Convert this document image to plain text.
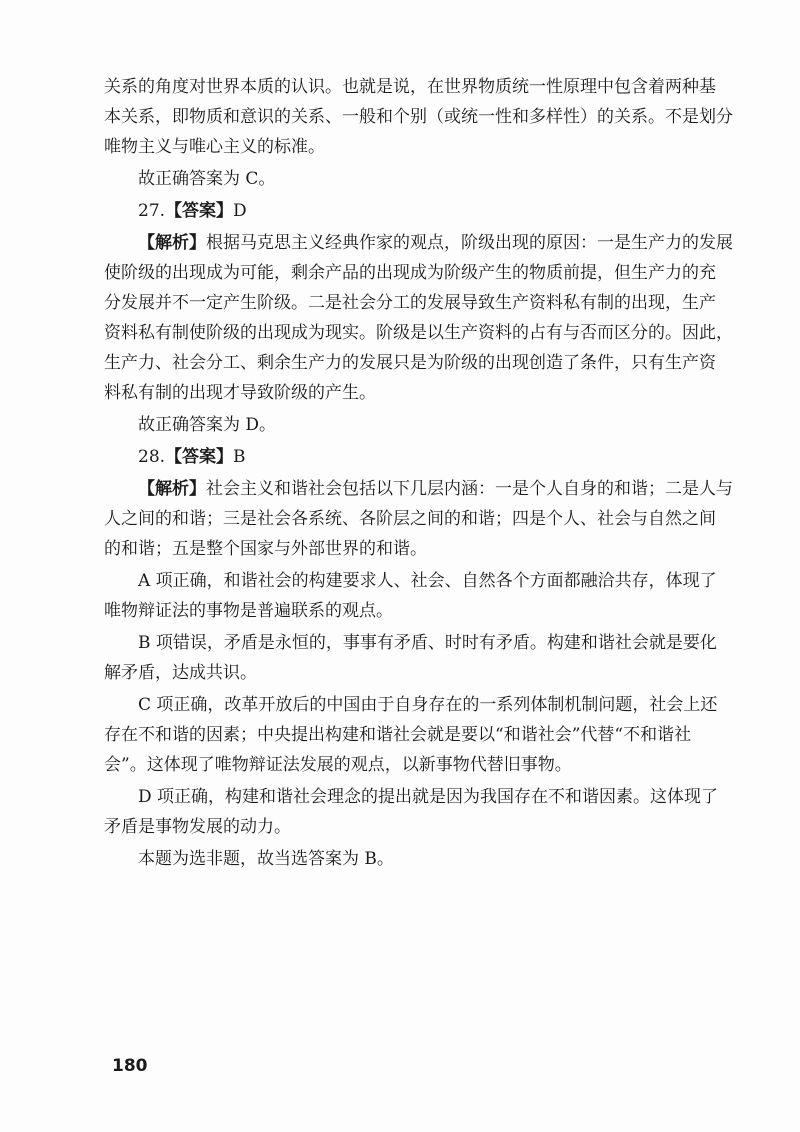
关系的角度对世界本质的认识。也就是说，在世界物质统一性原理中包含着两种基
本关系，即物质和意识的关系、一般和个别（或统一性和多样性）的关系。不是划分
唯物主义与唯心主义的标准。
故正确答案为 C。
27.【答案】D
【解析】根据马克思主义经典作家的观点，阶级出现的原因：一是生产力的发展
使阶级的出现成为可能，剩余产品的出现成为阶级产生的物质前提，但生产力的充
分发展并不一定产生阶级。二是社会分工的发展导致生产资料私有制的出现，生产
资料私有制使阶级的出现成为现实。阶级是以生产资料的占有与否而区分的。因此，
生产力、社会分工、剩余生产力的发展只是为阶级的出现创造了条件，只有生产资
料私有制的出现才导致阶级的产生。
故正确答案为 D。
28.【答案】B
【解析】社会主义和谐社会包括以下几层内涵：一是个人自身的和谐；二是人与
人之间的和谐；三是社会各系统、各阶层之间的和谐；四是个人、社会与自然之间
的和谐；五是整个国家与外部世界的和谐。
A 项正确，和谐社会的构建要求人、社会、自然各个方面都融洽共存，体现了
唯物辩证法的事物是普遍联系的观点。
B 项错误，矛盾是永恒的，事事有矛盾、时时有矛盾。构建和谐社会就是要化
解矛盾，达成共识。
C 项正确，改革开放后的中国由于自身存在的一系列体制机制问题，社会上还
存在不和谐的因素；中央提出构建和谐社会就是要以“和谐社会”代替“不和谐社
会”。这体现了唯物辩证法发展的观点，以新事物代替旧事物。
D 项正确，构建和谐社会理念的提出就是因为我国存在不和谐因素。这体现了
矛盾是事物发展的动力。
本题为选非题，故当选答案为 B。
180
